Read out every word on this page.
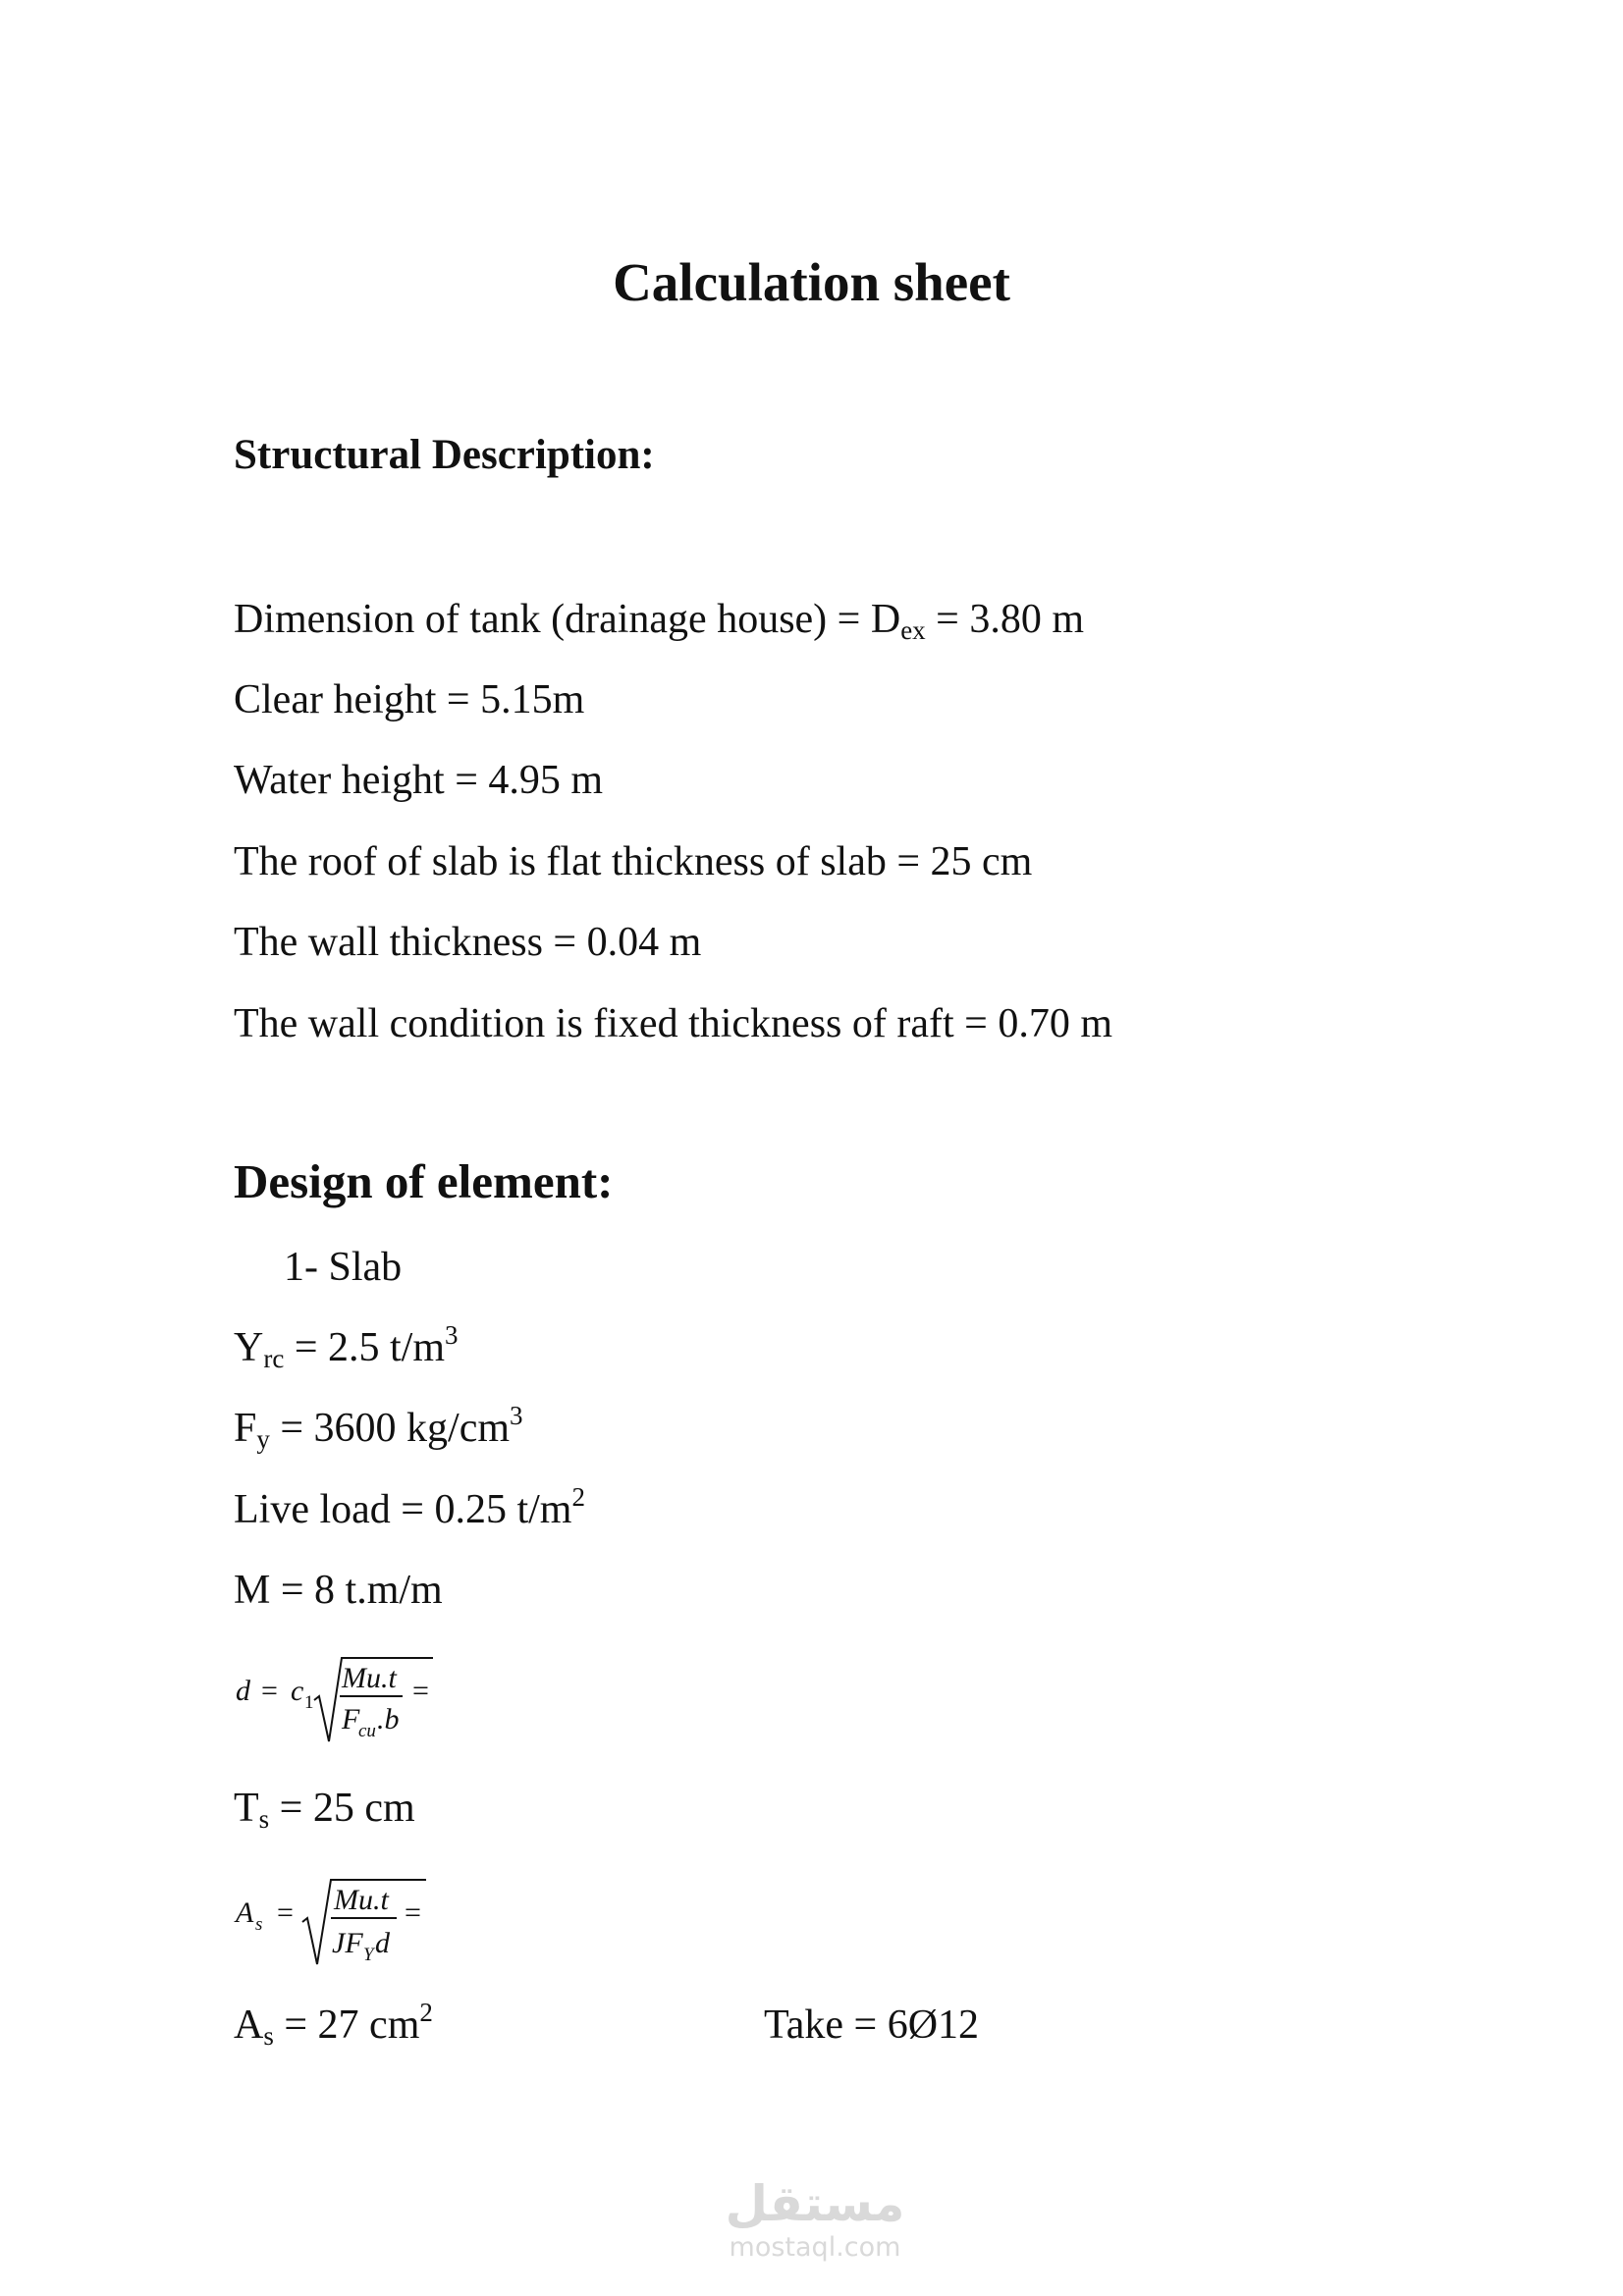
Calculation sheet
Structural Description:
Dimension of tank (drainage house) = $D_{ex} = 3.80$ m
Clear height = 5.15m
Water height = 4.95 m
The roof of slab is flat thickness of slab = 25 cm
The wall thickness = 0.04 m
The wall condition is fixed thickness of raft = 0.70 m
Design of element:
1- Slab
$Y_{rc} = 2.5$ $t/m^3$
$F_y = 3600$ $kg/cm^3$
Live load = 0.25 $t/m^2$
M = 8 t.m/m
d = c 1
Mu.t
F
cu .b
=
$T_s = 25$ cm
A s = Mu.t
JF Y d
=
$A_s = 27$ $cm^2$	Take = 6Ø12
مستقل
mostaql.com
